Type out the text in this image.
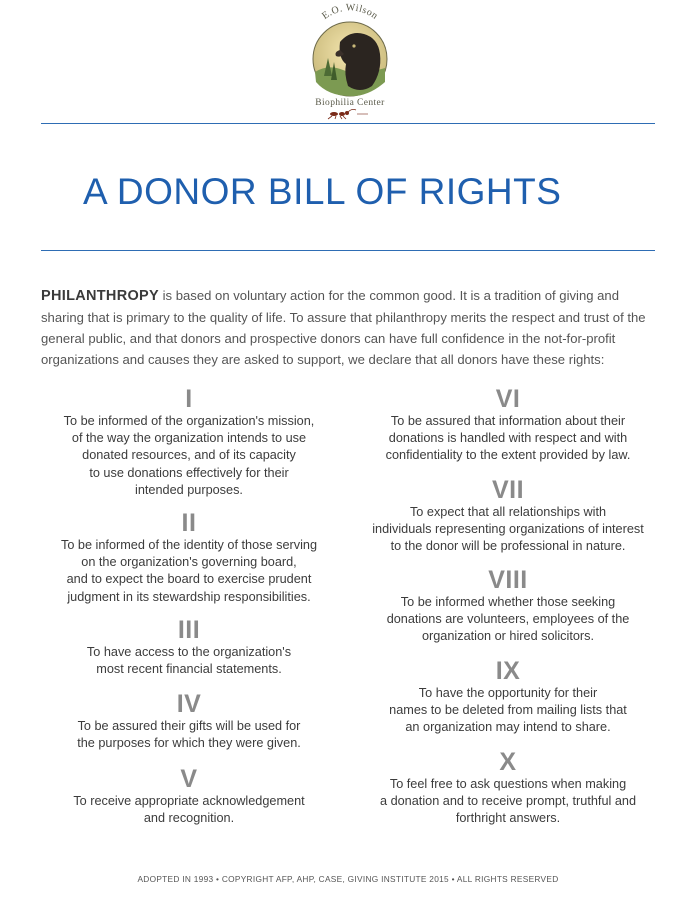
E.O. Wilson
Biophilia Center
A DONOR BILL OF RIGHTS
PHILANTHROPY is based on voluntary action for the common good. It is a tradition of giving and sharing that is primary to the quality of life. To assure that philanthropy merits the respect and trust of the general public, and that donors and prospective donors can have full confidence in the not-for-profit organizations and causes they are asked to support, we declare that all donors have these rights:
I
To be informed of the organization's mission,
of the way the organization intends to use
donated resources, and of its capacity
to use donations effectively for their
intended purposes.
II
To be informed of the identity of those serving
on the organization's governing board,
and to expect the board to exercise prudent
judgment in its stewardship responsibilities.
III
To have access to the organization's
most recent financial statements.
IV
To be assured their gifts will be used for
the purposes for which they were given.
V
To receive appropriate acknowledgement
and recognition.
VI
To be assured that information about their
donations is handled with respect and with
confidentiality to the extent provided by law.
VII
To expect that all relationships with
individuals representing organizations of interest
to the donor will be professional in nature.
VIII
To be informed whether those seeking
donations are volunteers, employees of the
organization or hired solicitors.
IX
To have the opportunity for their
names to be deleted from mailing lists that
an organization may intend to share.
X
To feel free to ask questions when making
a donation and to receive prompt, truthful and
forthright answers.
ADOPTED IN 1993 • COPYRIGHT AFP, AHP, CASE, GIVING INSTITUTE 2015 • ALL RIGHTS RESERVED
